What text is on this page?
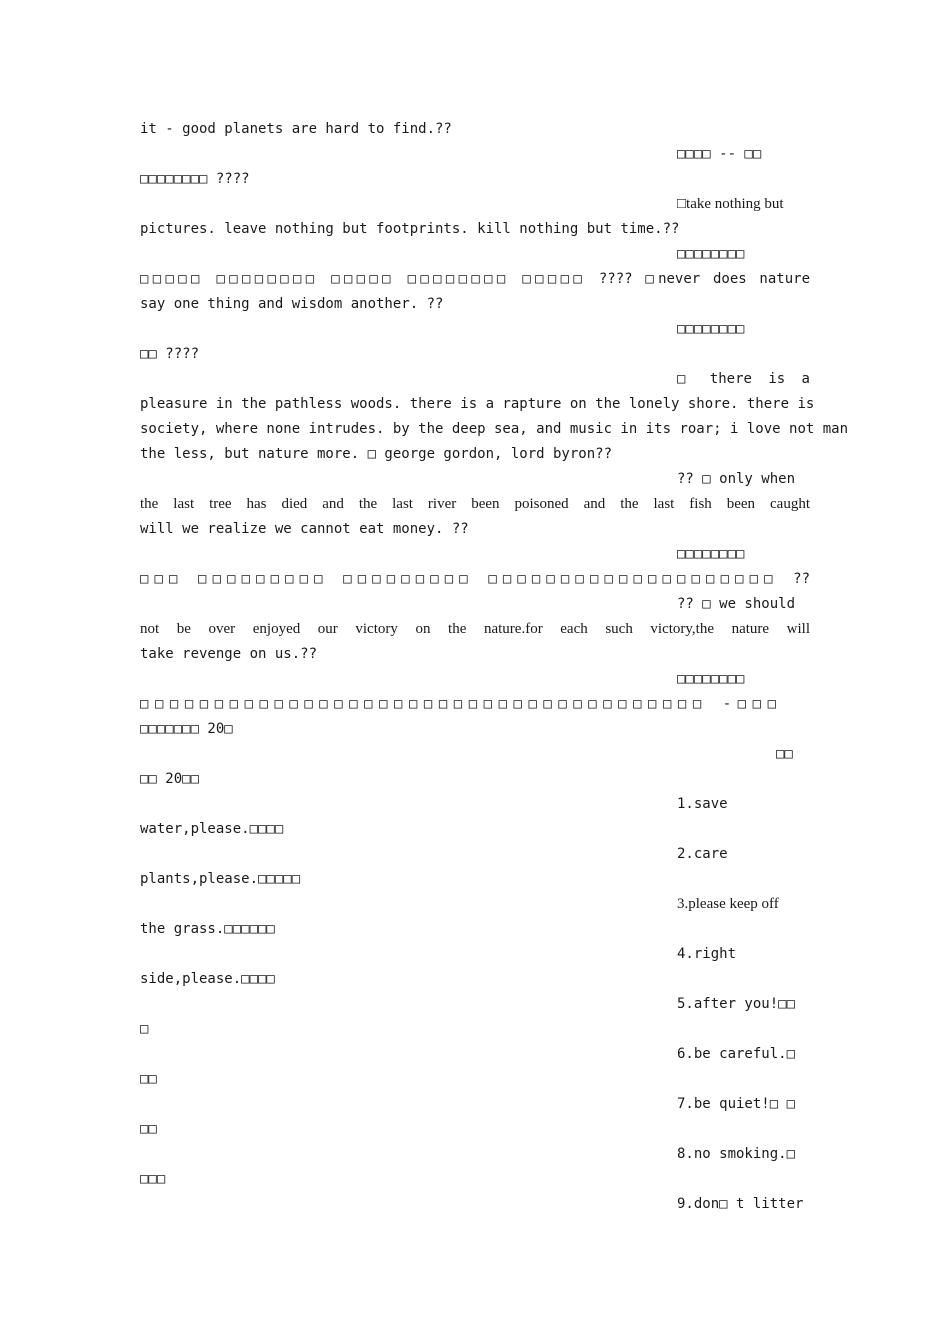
it - good planets are hard to find.??
□□□□ -- □□
□□□□□□□□ ????
□take nothing but
pictures. leave nothing but footprints. kill nothing but time.??
□□□□□□□□
□□□□□ □□□□□□□□ □□□□□ □□□□□□□□ □□□□□ ???? □never does nature
say one thing and wisdom another. ??
□□□□□□□□
□□ ????
□ there is a
pleasure in the pathless woods. there is a rapture on the lonely shore. there is
society, where none intrudes. by the deep sea, and music in its roar; i love not man
the less, but nature more. □ george gordon, lord byron??
?? □ only when
the last tree has died and the last river been poisoned and the last fish been caught
will we realize we cannot eat money. ??
□□□□□□□□
□□□ □□□□□□□□□ □□□□□□□□□ □□□□□□□□□□□□□□□□□□□□ ??
?? □ we should
not be over enjoyed our victory on the nature.for each such victory,the nature will
take revenge on us.??
□□□□□□□□
□□□□□□□□□□□□□□□□□□□□□□□□□□□□□□□□□□□□□□ -□□□
□□□□□□□ 20□
□□
□□ 20□□
1.save
water,please.□□□□
2.care
plants,please.□□□□□
3.please keep off
the grass.□□□□□□
4.right
side,please.□□□□
5.after you!□□
□
6.be careful.□
□□
7.be quiet!□ □
□□
8.no smoking.□
□□□
9.don□ t litter
